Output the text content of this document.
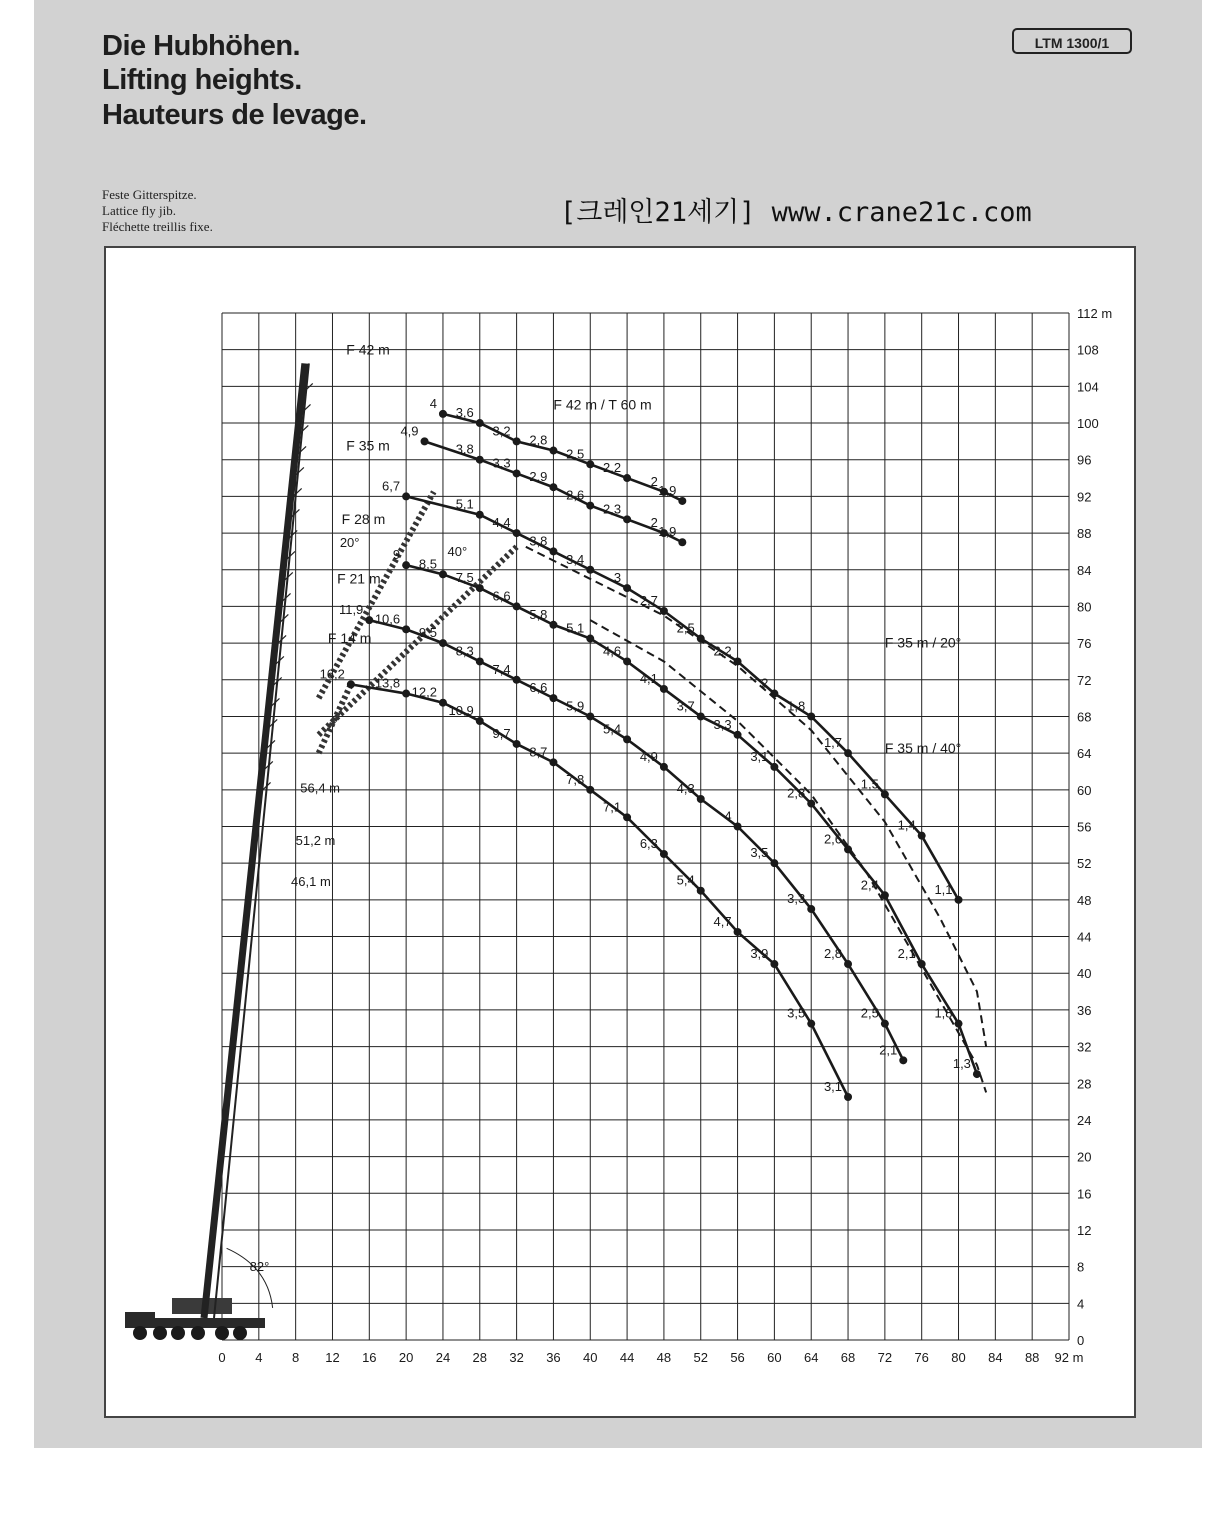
Die Hubhöhen.
Lifting heights.
Hauteurs de levage.
LTM 1300/1
Feste Gitterspitze.
Lattice fly jib.
Fléchette treillis fixe.	[크레인21세기] www.crane21c.com
0 4 8 12 16 20 24 28 32 36 40 44 48 52 56 60 64 68 72 76 80 84 88 92 m
0
4
8
12
16
20
24
28
32
36
40
44
48
52
56
60
64
68
72
76
80
84
88
92
96
100
104
108
112 m
82°
56,4 m
51,2 m
46,1 m
20°
40°
4
3,6
3,2
2,8
2,5
2,2
2
1,9
F 42 m / T 60 m
4,9
3,8
3,3
2,9
2,6
2,3
2
1,9
F 42 m
6,7
5,1
4,4
3,8
3,4
3
2,7
2,5
2,2
2
1,8
1,7
1,5
1,4
1,1
F 35 m
9
8,5
7,5
6,6
5,8
5,1
4,6
4,1
3,7
3,3
3,1
2,8
2,6
2,4
2,1
1,8
1,3
F 28 m
11,9
10,6
9,5
8,3
7,4
6,6
5,9
5,4
4,9
4,3
4
3,5
3,3
2,8
2,5
2,1
F 21 m
16,2
13,8
12,2
10,9
9,7
8,7
7,8
7,1
6,3
5,4
4,7
3,9
3,5
3,1
F 14 m	F 35 m / 20°
F 35 m / 40°
